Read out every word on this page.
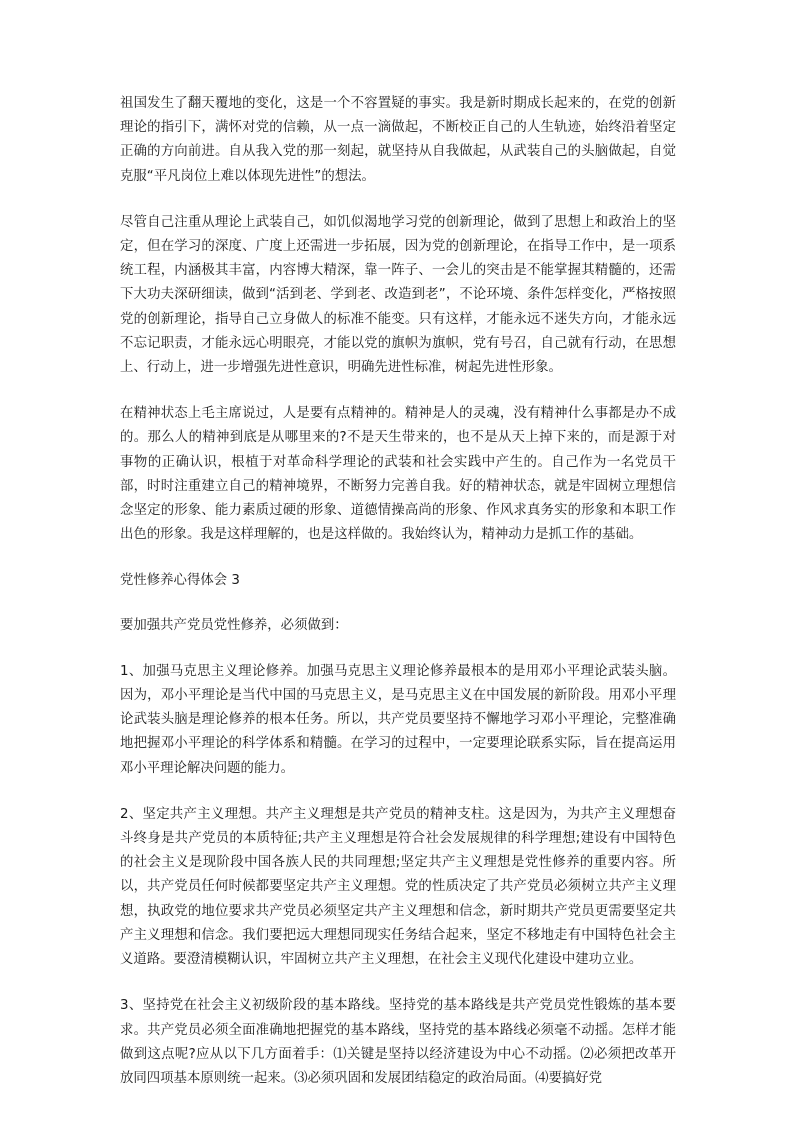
祖国发生了翻天覆地的变化，这是一个不容置疑的事实。我是新时期成长起来的，在党的创新理论的指引下，满怀对党的信赖，从一点一滴做起，不断校正自己的人生轨迹，始终沿着坚定正确的方向前进。自从我入党的那一刻起，就坚持从自我做起，从武装自己的头脑做起，自觉克服“平凡岗位上难以体现先进性”的想法。

尽管自己注重从理论上武装自己，如饥似渴地学习党的创新理论，做到了思想上和政治上的坚定，但在学习的深度、广度上还需进一步拓展，因为党的创新理论，在指导工作中，是一项系统工程，内涵极其丰富，内容博大精深，靠一阵子、一会儿的突击是不能掌握其精髓的，还需下大功夫深研细读，做到“活到老、学到老、改造到老”，不论环境、条件怎样变化，严格按照党的创新理论，指导自己立身做人的标准不能变。只有这样，才能永远不迷失方向，才能永远不忘记职责，才能永远心明眼亮，才能以党的旗帜为旗帜，党有号召，自己就有行动，在思想上、行动上，进一步增强先进性意识，明确先进性标准，树起先进性形象。

在精神状态上毛主席说过，人是要有点精神的。精神是人的灵魂，没有精神什么事都是办不成的。那么人的精神到底是从哪里来的?不是天生带来的，也不是从天上掉下来的，而是源于对事物的正确认识，根植于对革命科学理论的武装和社会实践中产生的。自己作为一名党员干部，时时注重建立自己的精神境界，不断努力完善自我。好的精神状态，就是牢固树立理想信念坚定的形象、能力素质过硬的形象、道德情操高尚的形象、作风求真务实的形象和本职工作出色的形象。我是这样理解的，也是这样做的。我始终认为，精神动力是抓工作的基础。

党性修养心得体会 3

要加强共产党员党性修养，必须做到：

1、加强马克思主义理论修养。加强马克思主义理论修养最根本的是用邓小平理论武装头脑。因为，邓小平理论是当代中国的马克思主义，是马克思主义在中国发展的新阶段。用邓小平理论武装头脑是理论修养的根本任务。所以，共产党员要坚持不懈地学习邓小平理论，完整准确地把握邓小平理论的科学体系和精髓。在学习的过程中，一定要理论联系实际，旨在提高运用邓小平理论解决问题的能力。

2、坚定共产主义理想。共产主义理想是共产党员的精神支柱。这是因为，为共产主义理想奋斗终身是共产党员的本质特征;共产主义理想是符合社会发展规律的科学理想;建设有中国特色的社会主义是现阶段中国各族人民的共同理想;坚定共产主义理想是党性修养的重要内容。所以，共产党员任何时候都要坚定共产主义理想。党的性质决定了共产党员必须树立共产主义理想，执政党的地位要求共产党员必须坚定共产主义理想和信念，新时期共产党员更需要坚定共产主义理想和信念。我们要把远大理想同现实任务结合起来，坚定不移地走有中国特色社会主义道路。要澄清模糊认识，牢固树立共产主义理想，在社会主义现代化建设中建功立业。

3、坚持党在社会主义初级阶段的基本路线。坚持党的基本路线是共产党员党性锻炼的基本要求。共产党员必须全面准确地把握党的基本路线，坚持党的基本路线必须毫不动摇。怎样才能做到这点呢?应从以下几方面着手：⑴关键是坚持以经济建设为中心不动摇。⑵必须把改革开放同四项基本原则统一起来。⑶必须巩固和发展团结稳定的政治局面。⑷要搞好党
